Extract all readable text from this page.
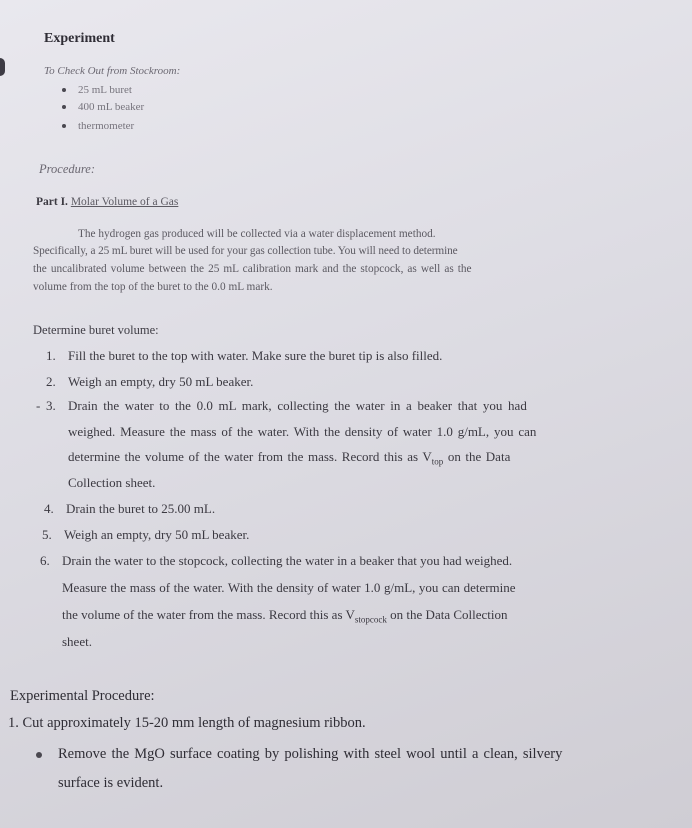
Experiment
To Check Out from Stockroom:
25 mL buret
400 mL beaker
thermometer
Procedure:
Part I. Molar Volume of a Gas
The hydrogen gas produced will be collected via a water displacement method.
Specifically, a 25 mL buret will be used for your gas collection tube. You will need to determine
the uncalibrated volume between the 25 mL calibration mark and the stopcock, as well as the
volume from the top of the buret to the 0.0 mL mark.
Determine buret volume:
1. Fill the buret to the top with water. Make sure the buret tip is also filled.
2. Weigh an empty, dry 50 mL beaker.
- 3. Drain the water to the 0.0 mL mark, collecting the water in a beaker that you had
weighed. Measure the mass of the water. With the density of water 1.0 g/mL, you can
determine the volume of the water from the mass. Record this as $V_{top}$ on the Data
Collection sheet.
4. Drain the buret to 25.00 mL.
5. Weigh an empty, dry 50 mL beaker.
6. Drain the water to the stopcock, collecting the water in a beaker that you had weighed.
Measure the mass of the water. With the density of water 1.0 g/mL, you can determine
the volume of the water from the mass. Record this as $V_{stopcock}$ on the Data Collection
sheet.
Experimental Procedure:
1. Cut approximately 15-20 mm length of magnesium ribbon.
Remove the MgO surface coating by polishing with steel wool until a clean, silvery
surface is evident.
